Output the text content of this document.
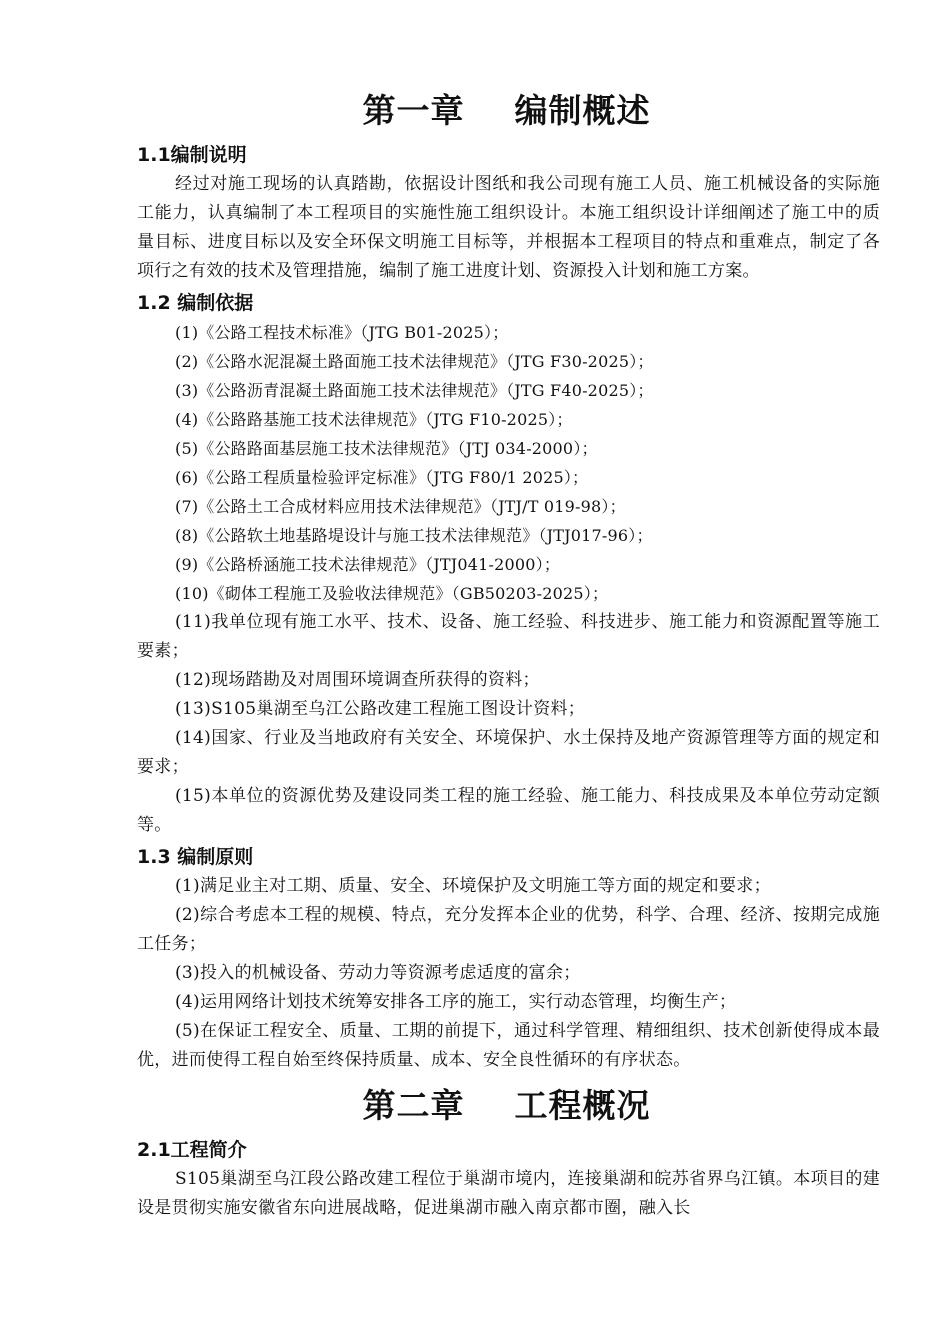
第一章    编制概述
1.1编制说明

经过对施工现场的认真踏勘，依据设计图纸和我公司现有施工人员、施工机械设备的实际施工能力，认真编制了本工程项目的实施性施工组织设计。本施工组织设计详细阐述了施工中的质量目标、进度目标以及安全环保文明施工目标等，并根据本工程项目的特点和重难点，制定了各项行之有效的技术及管理措施，编制了施工进度计划、资源投入计划和施工方案。

1.2 编制依据

(1)《公路工程技术标准》（JTG B01-2025）；

(2)《公路水泥混凝土路面施工技术法律规范》（JTG F30-2025）；

(3)《公路沥青混凝土路面施工技术法律规范》（JTG F40-2025）；

(4)《公路路基施工技术法律规范》（JTG F10-2025）；

(5)《公路路面基层施工技术法律规范》（JTJ 034-2000）；

(6)《公路工程质量检验评定标准》（JTG F80/1 2025）；

(7)《公路土工合成材料应用技术法律规范》（JTJ/T 019-98）；

(8)《公路软土地基路堤设计与施工技术法律规范》（JTJ017-96）；

(9)《公路桥涵施工技术法律规范》（JTJ041-2000）；

(10)《砌体工程施工及验收法律规范》（GB50203-2025）；

(11)我单位现有施工水平、技术、设备、施工经验、科技进步、施工能力和资源配置等施工要素；

(12)现场踏勘及对周围环境调查所获得的资料；

(13)S105巢湖至乌江公路改建工程施工图设计资料；

(14)国家、行业及当地政府有关安全、环境保护、水土保持及地产资源管理等方面的规定和要求；

(15)本单位的资源优势及建设同类工程的施工经验、施工能力、科技成果及本单位劳动定额等。

1.3 编制原则

(1)满足业主对工期、质量、安全、环境保护及文明施工等方面的规定和要求；

(2)综合考虑本工程的规模、特点，充分发挥本企业的优势，科学、合理、经济、按期完成施工任务；

(3)投入的机械设备、劳动力等资源考虑适度的富余；

(4)运用网络计划技术统筹安排各工序的施工，实行动态管理，均衡生产；

(5)在保证工程安全、质量、工期的前提下，通过科学管理、精细组织、技术创新使得成本最优，进而使得工程自始至终保持质量、成本、安全良性循环的有序状态。

第二章    工程概况
2.1工程简介

S105巢湖至乌江段公路改建工程位于巢湖市境内，连接巢湖和皖苏省界乌江镇。本项目的建设是贯彻实施安徽省东向进展战略，促进巢湖市融入南京都市圈，融入长
